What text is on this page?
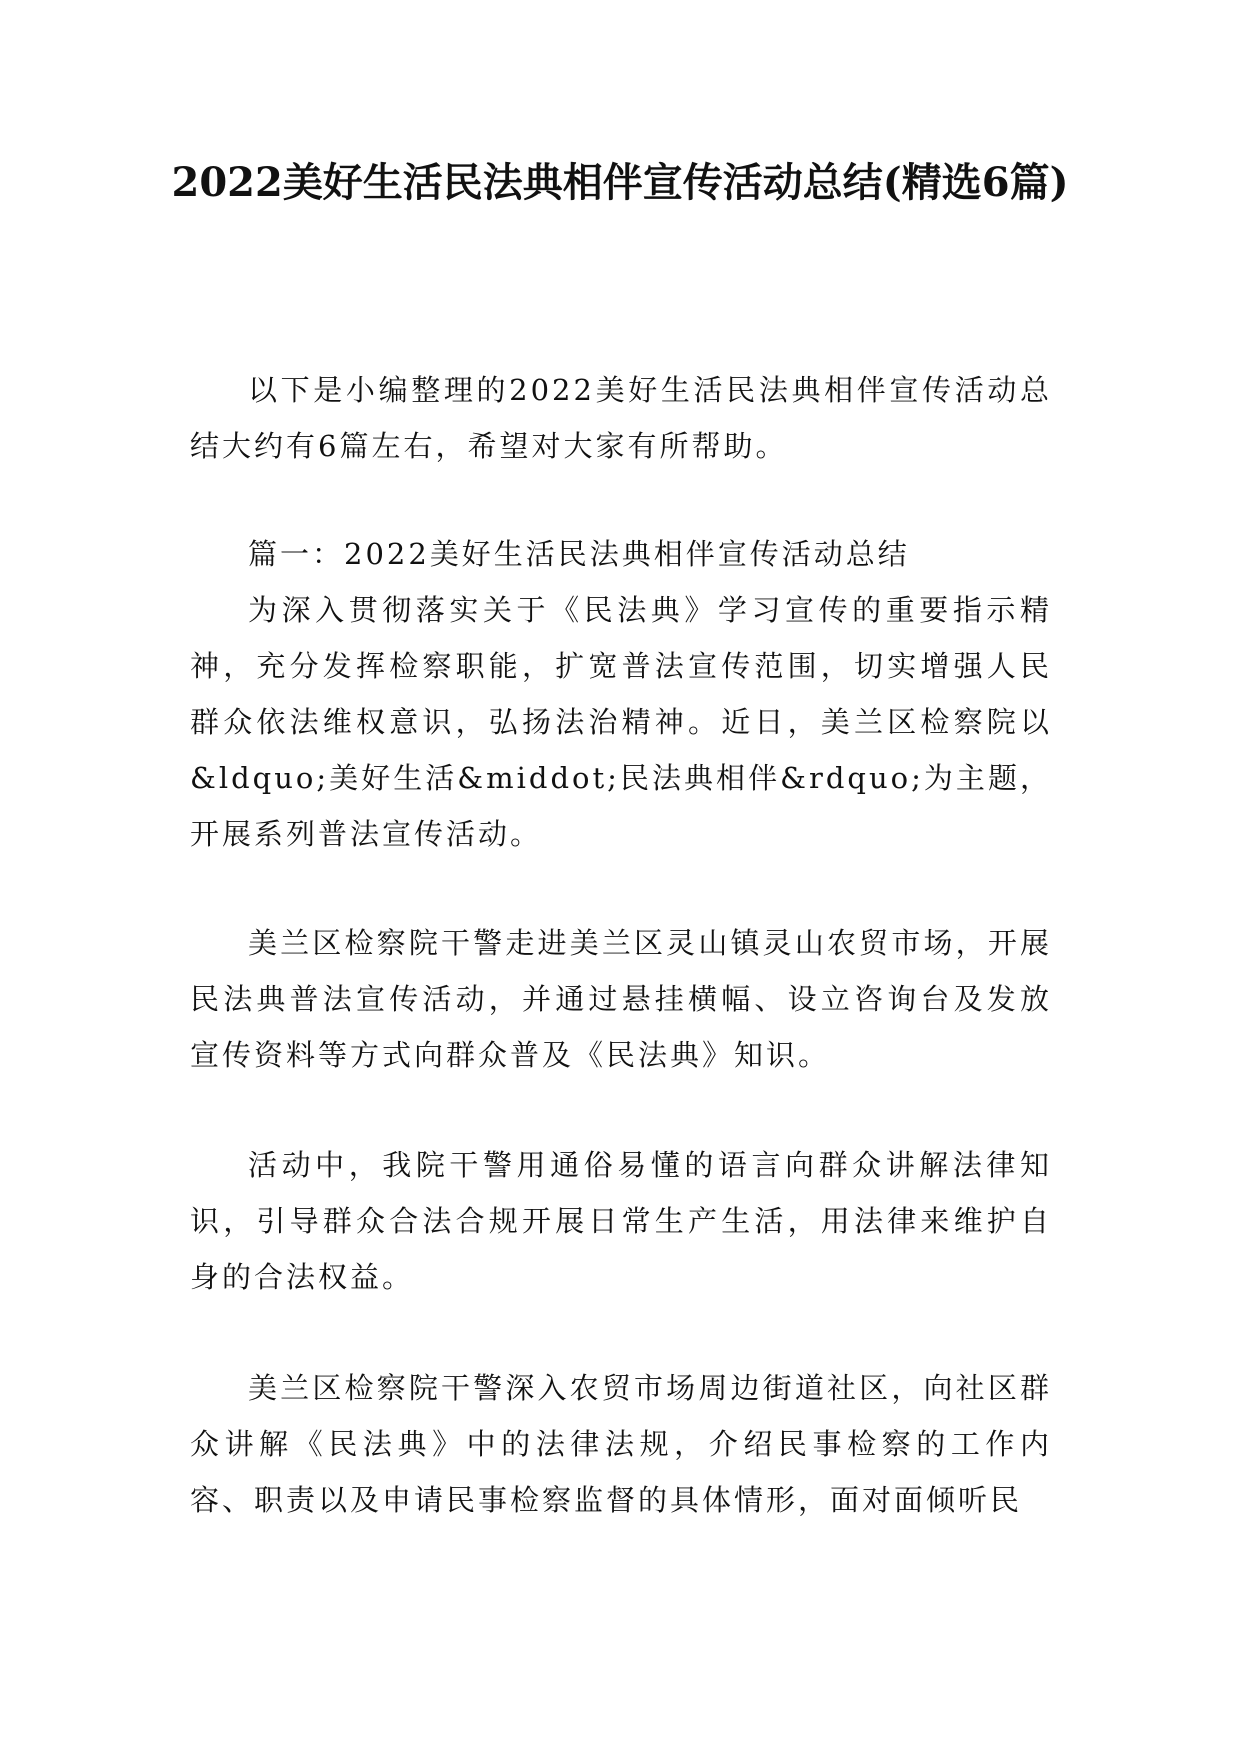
2022美好生活民法典相伴宣传活动总结(精选6篇)

以下是小编整理的2022美好生活民法典相伴宣传活动总结大约有6篇左右，希望对大家有所帮助。

篇一：2022美好生活民法典相伴宣传活动总结

为深入贯彻落实关于《民法典》学习宣传的重要指示精神，充分发挥检察职能，扩宽普法宣传范围，切实增强人民群众依法维权意识，弘扬法治精神。近日，美兰区检察院以&ldquo;美好生活&middot;民法典相伴&rdquo;为主题，开展系列普法宣传活动。

美兰区检察院干警走进美兰区灵山镇灵山农贸市场，开展民法典普法宣传活动，并通过悬挂横幅、设立咨询台及发放宣传资料等方式向群众普及《民法典》知识。

活动中，我院干警用通俗易懂的语言向群众讲解法律知识，引导群众合法合规开展日常生产生活，用法律来维护自身的合法权益。

美兰区检察院干警深入农贸市场周边街道社区，向社区群众讲解《民法典》中的法律法规，介绍民事检察的工作内容、职责以及申请民事检察监督的具体情形，面对面倾听民
